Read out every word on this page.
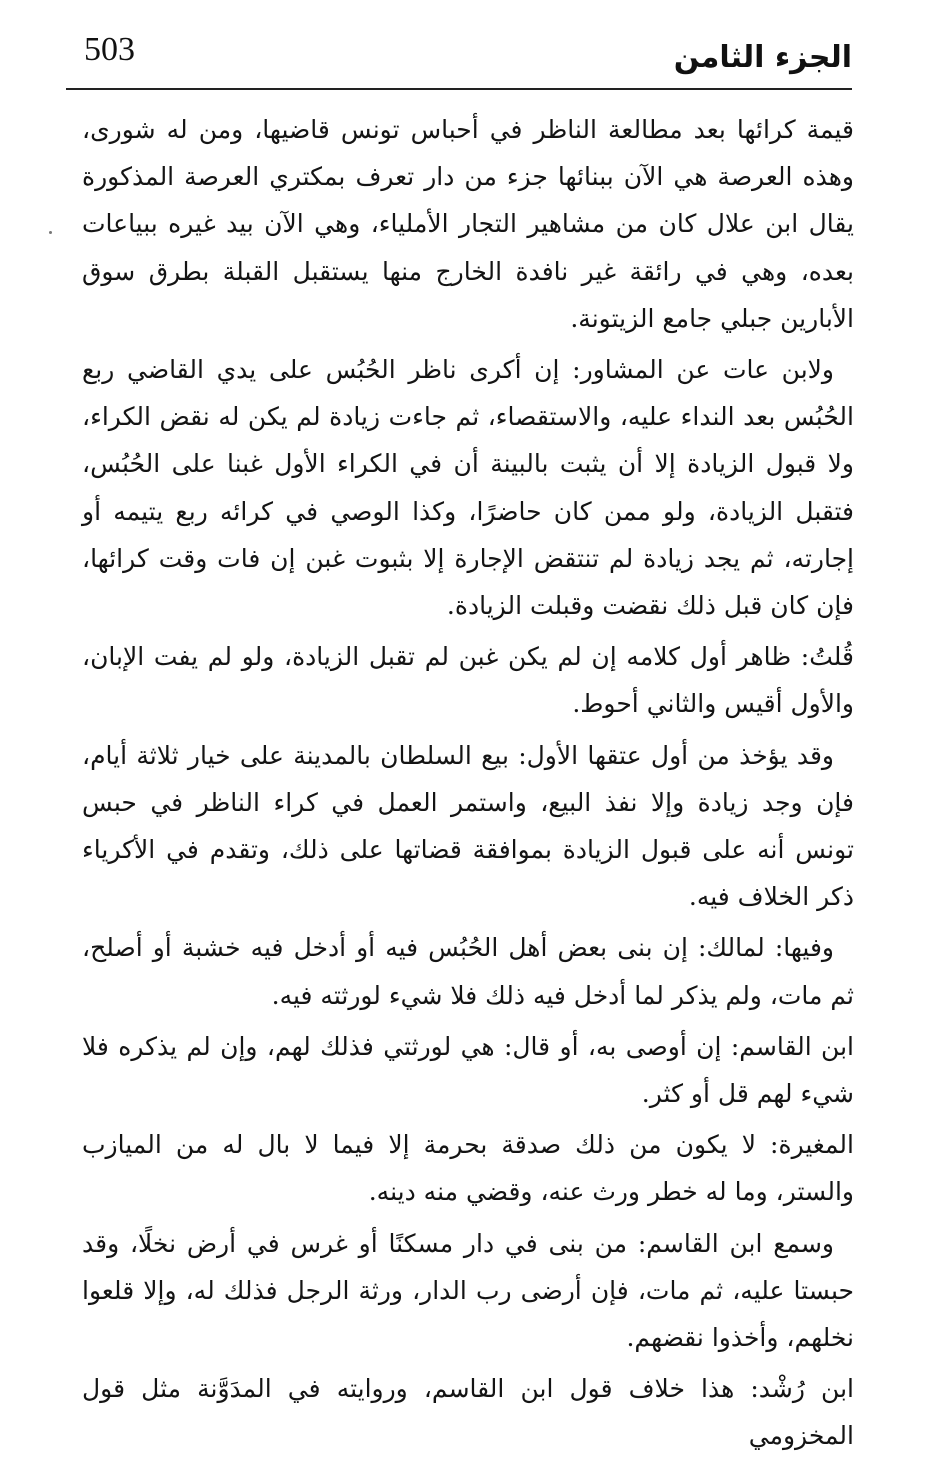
503	الجزء الثامن

قيمة كرائها بعد مطالعة الناظر في أحباس تونس قاضيها، ومن له شورى، وهذه العرصة هي الآن ببنائها جزء من دار تعرف بمكتري العرصة المذكورة يقال ابن علال كان من مشاهير التجار الأملياء، وهي الآن بيد غيره ببياعات بعده، وهي في رائقة غير نافدة الخارج منها يستقبل القبلة بطرق سوق الأبارين جبلي جامع الزيتونة.

ولابن عات عن المشاور: إن أكرى ناظر الحُبُس على يدي القاضي ربع الحُبُس بعد النداء عليه، والاستقصاء، ثم جاءت زيادة لم يكن له نقض الكراء، ولا قبول الزيادة إلا أن يثبت بالبينة أن في الكراء الأول غبنا على الحُبُس، فتقبل الزيادة، ولو ممن كان حاضرًا، وكذا الوصي في كرائه ربع يتيمه أو إجارته، ثم يجد زيادة لم تنتقض الإجارة إلا بثبوت غبن إن فات وقت كرائها، فإن كان قبل ذلك نقضت وقبلت الزيادة.

قُلتُ: ظاهر أول كلامه إن لم يكن غبن لم تقبل الزيادة، ولو لم يفت الإبان، والأول أقيس والثاني أحوط.

وقد يؤخذ من أول عتقها الأول: بيع السلطان بالمدينة على خيار ثلاثة أيام، فإن وجد زيادة وإلا نفذ البيع، واستمر العمل في كراء الناظر في حبس تونس أنه على قبول الزيادة بموافقة قضاتها على ذلك، وتقدم في الأكرياء ذكر الخلاف فيه.

وفيها: لمالك: إن بنى بعض أهل الحُبُس فيه أو أدخل فيه خشبة أو أصلح، ثم مات، ولم يذكر لما أدخل فيه ذلك فلا شيء لورثته فيه.

ابن القاسم: إن أوصى به، أو قال: هي لورثتي فذلك لهم، وإن لم يذكره فلا شيء لهم قل أو كثر.

المغيرة: لا يكون من ذلك صدقة بحرمة إلا فيما لا بال له من الميازب والستر، وما له خطر ورث عنه، وقضي منه دينه.

وسمع ابن القاسم: من بنى في دار مسكنًا أو غرس في أرض نخلًا، وقد حبستا عليه، ثم مات، فإن أرضى رب الدار، ورثة الرجل فذلك له، وإلا قلعوا نخلهم، وأخذوا نقضهم.

ابن رُشْد: هذا خلاف قول ابن القاسم، وروايته في المدَوَّنة مثل قول المخزومي
